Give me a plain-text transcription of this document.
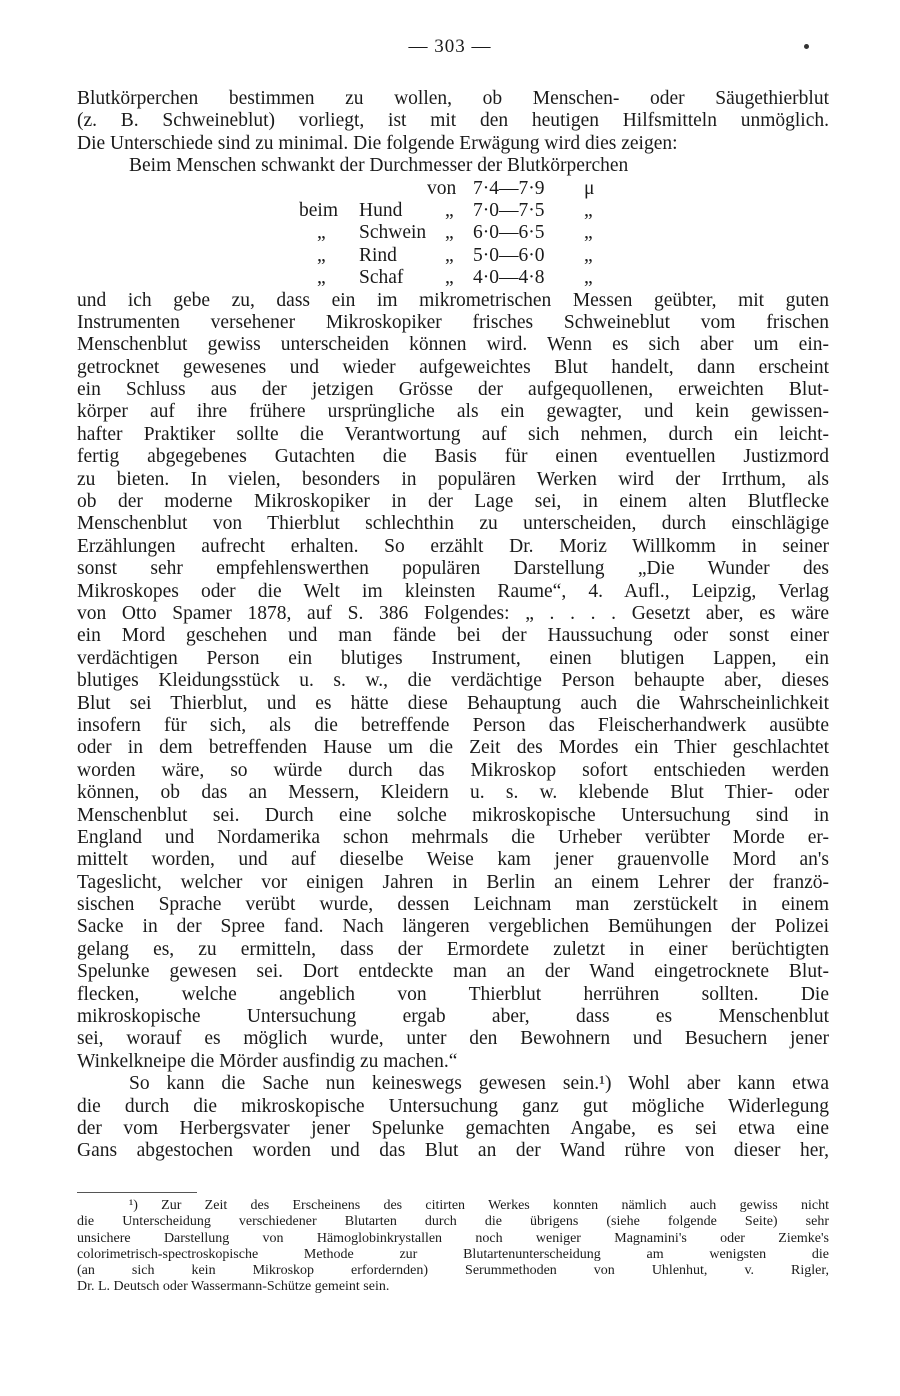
— 303 —
Blutkörperchen bestimmen zu wollen, ob Menschen- oder Säugethierblut
(z. B. Schweineblut) vorliegt, ist mit den heutigen Hilfsmitteln unmöglich.
Die Unterschiede sind zu minimal. Die folgende Erwägung wird dies zeigen:
Beim Menschen schwankt der Durchmesser der Blutkörperchen
von 7·4—7·9 μ
beim Hund „ 7·0—7·5 „
„ Schwein „ 6·0—6·5 „
„ Rind „ 5·0—6·0 „
„ Schaf „ 4·0—4·8 „
und ich gebe zu, dass ein im mikrometrischen Messen geübter, mit guten
Instrumenten versehener Mikroskopiker frisches Schweineblut vom frischen
Menschenblut gewiss unterscheiden können wird. Wenn es sich aber um ein-
getrocknet gewesenes und wieder aufgeweichtes Blut handelt, dann erscheint
ein Schluss aus der jetzigen Grösse der aufgequollenen, erweichten Blut-
körper auf ihre frühere ursprüngliche als ein gewagter, und kein gewissen-
hafter Praktiker sollte die Verantwortung auf sich nehmen, durch ein leicht-
fertig abgegebenes Gutachten die Basis für einen eventuellen Justizmord
zu bieten. In vielen, besonders in populären Werken wird der Irrthum, als
ob der moderne Mikroskopiker in der Lage sei, in einem alten Blutflecke
Menschenblut von Thierblut schlechthin zu unterscheiden, durch einschlägige
Erzählungen aufrecht erhalten. So erzählt Dr. Moriz Willkomm in seiner
sonst sehr empfehlenswerthen populären Darstellung „Die Wunder des
Mikroskopes oder die Welt im kleinsten Raume“, 4. Aufl., Leipzig, Verlag
von Otto Spamer 1878, auf S. 386 Folgendes: „ . . . . Gesetzt aber, es wäre
ein Mord geschehen und man fände bei der Haussuchung oder sonst einer
verdächtigen Person ein blutiges Instrument, einen blutigen Lappen, ein
blutiges Kleidungsstück u. s. w., die verdächtige Person behaupte aber, dieses
Blut sei Thierblut, und es hätte diese Behauptung auch die Wahrscheinlichkeit
insofern für sich, als die betreffende Person das Fleischerhandwerk ausübte
oder in dem betreffenden Hause um die Zeit des Mordes ein Thier geschlachtet
worden wäre, so würde durch das Mikroskop sofort entschieden werden
können, ob das an Messern, Kleidern u. s. w. klebende Blut Thier- oder
Menschenblut sei. Durch eine solche mikroskopische Untersuchung sind in
England und Nordamerika schon mehrmals die Urheber verübter Morde er-
mittelt worden, und auf dieselbe Weise kam jener grauenvolle Mord an's
Tageslicht, welcher vor einigen Jahren in Berlin an einem Lehrer der franzö-
sischen Sprache verübt wurde, dessen Leichnam man zerstückelt in einem
Sacke in der Spree fand. Nach längeren vergeblichen Bemühungen der Polizei
gelang es, zu ermitteln, dass der Ermordete zuletzt in einer berüchtigten
Spelunke gewesen sei. Dort entdeckte man an der Wand eingetrocknete Blut-
flecken, welche angeblich von Thierblut herrühren sollten. Die
mikroskopische Untersuchung ergab aber, dass es Menschenblut
sei, worauf es möglich wurde, unter den Bewohnern und Besuchern jener
Winkelkneipe die Mörder ausfindig zu machen.“
So kann die Sache nun keineswegs gewesen sein.¹) Wohl aber kann etwa
die durch die mikroskopische Untersuchung ganz gut mögliche Widerlegung
der vom Herbergsvater jener Spelunke gemachten Angabe, es sei etwa eine
Gans abgestochen worden und das Blut an der Wand rühre von dieser her,
¹) Zur Zeit des Erscheinens des citirten Werkes konnten nämlich auch gewiss nicht
die Unterscheidung verschiedener Blutarten durch die übrigens (siehe folgende Seite) sehr
unsichere Darstellung von Hämoglobinkrystallen noch weniger Magnamini's oder Ziemke's
colorimetrisch-spectroskopische Methode zur Blutartenunterscheidung am wenigsten die
(an sich kein Mikroskop erfordernden) Serummethoden von Uhlenhut, v. Rigler,
Dr. L. Deutsch oder Wassermann-Schütze gemeint sein.
